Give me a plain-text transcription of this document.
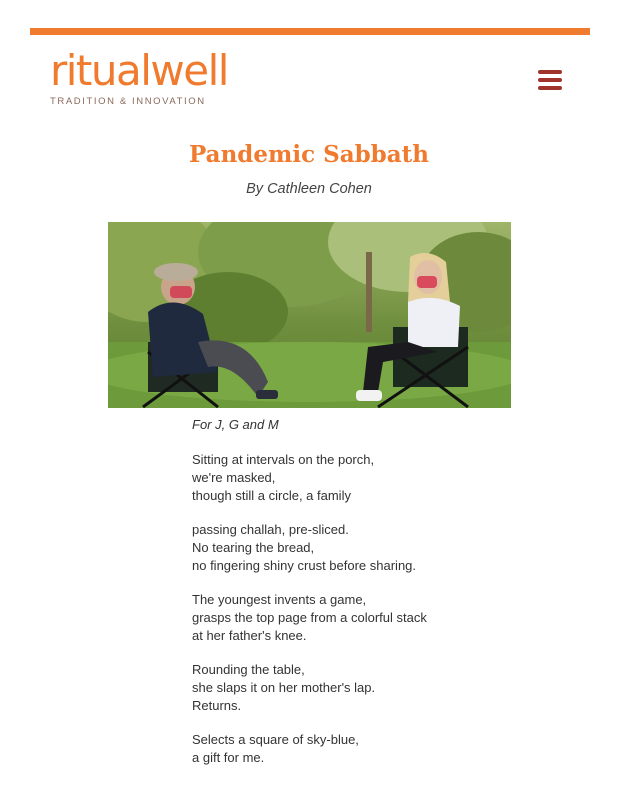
ritualwell
TRADITION & INNOVATION
Pandemic Sabbath
By Cathleen Cohen
For J, G and M
Sitting at intervals on the porch,
we're masked,
though still a circle, a family
passing challah, pre-sliced.
No tearing the bread,
no fingering shiny crust before sharing.
The youngest invents a game,
grasps the top page from a colorful stack
at her father's knee.
Rounding the table,
she slaps it on her mother's lap.
Returns.
Selects a square of sky-blue,
a gift for me.
